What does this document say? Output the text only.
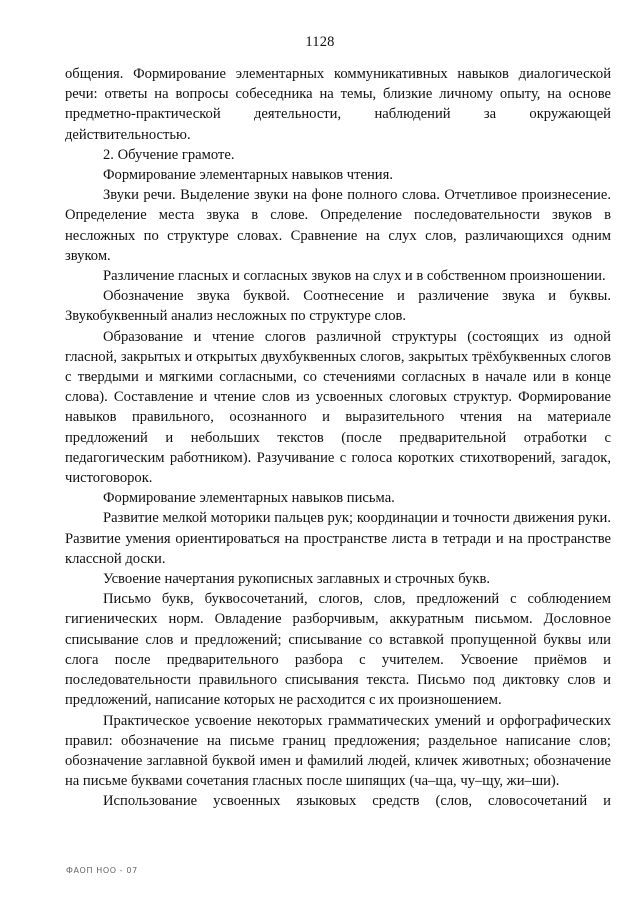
1128

общения. Формирование элементарных коммуникативных навыков диалогической речи: ответы на вопросы собеседника на темы, близкие личному опыту, на основе предметно-практической деятельности, наблюдений за окружающей действительностью.

2. Обучение грамоте.

Формирование элементарных навыков чтения.

Звуки речи. Выделение звуки на фоне полного слова. Отчетливое произнесение. Определение места звука в слове. Определение последовательности звуков в несложных по структуре словах. Сравнение на слух слов, различающихся одним звуком.

Различение гласных и согласных звуков на слух и в собственном произношении.

Обозначение звука буквой. Соотнесение и различение звука и буквы. Звукобуквенный анализ несложных по структуре слов.

Образование и чтение слогов различной структуры (состоящих из одной гласной, закрытых и открытых двухбуквенных слогов, закрытых трёхбуквенных слогов с твердыми и мягкими согласными, со стечениями согласных в начале или в конце слова). Составление и чтение слов из усвоенных слоговых структур. Формирование навыков правильного, осознанного и выразительного чтения на материале предложений и небольших текстов (после предварительной отработки с педагогическим работником). Разучивание с голоса коротких стихотворений, загадок, чистоговорок.

Формирование элементарных навыков письма.

Развитие мелкой моторики пальцев рук; координации и точности движения руки. Развитие умения ориентироваться на пространстве листа в тетради и на пространстве классной доски.

Усвоение начертания рукописных заглавных и строчных букв.

Письмо букв, буквосочетаний, слогов, слов, предложений с соблюдением гигиенических норм. Овладение разборчивым, аккуратным письмом. Дословное списывание слов и предложений; списывание со вставкой пропущенной буквы или слога после предварительного разбора с учителем. Усвоение приёмов и последовательности правильного списывания текста. Письмо под диктовку слов и предложений, написание которых не расходится с их произношением.

Практическое усвоение некоторых грамматических умений и орфографических правил: обозначение на письме границ предложения; раздельное написание слов; обозначение заглавной буквой имен и фамилий людей, кличек животных; обозначение на письме буквами сочетания гласных после шипящих (ча–ща, чу–щу, жи–ши).

Использование усвоенных языковых средств (слов, словосочетаний и

ФАОП НОО - 07
